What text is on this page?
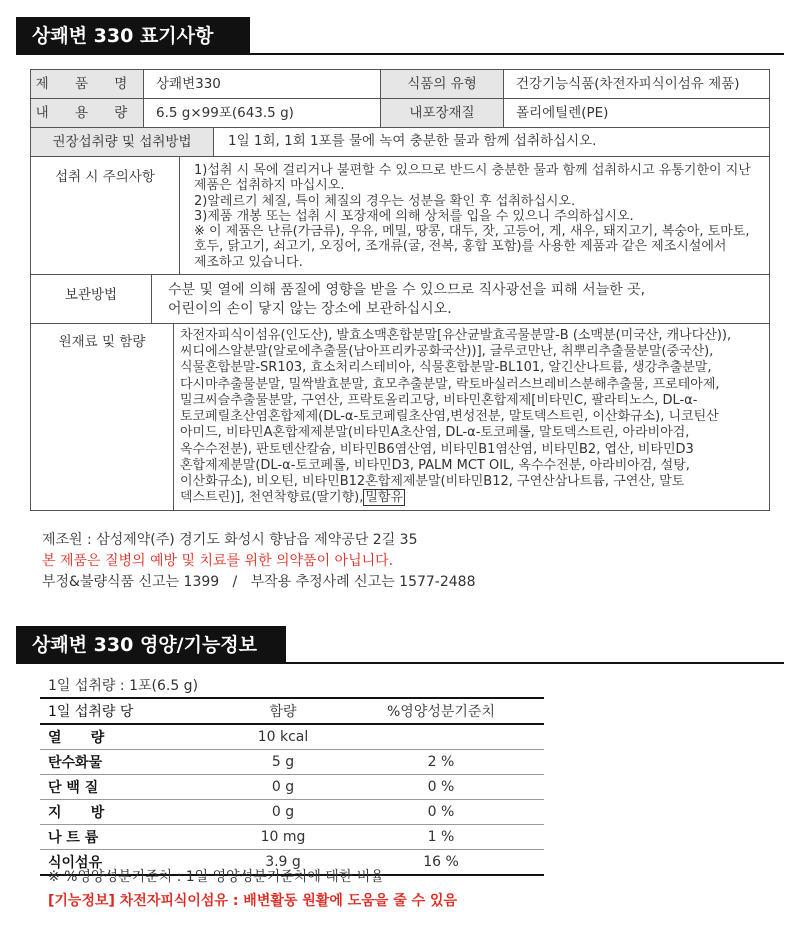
상쾌변 330 표기사항
제 품 명	상쾌변330	식품의 유형	건강기능식품(차전자피식이섬유 제품)
내 용 량	6.5 g×99포(643.5 g)	내포장재질	폴리에틸렌(PE)

권장섭취량 및 섭취방법	1일 1회, 1회 1포를 물에 녹여 충분한 물과 함께 섭취하십시오.

섭취 시 주의사항	1)섭취 시 목에 걸리거나 불편할 수 있으므로 반드시 충분한 물과 함께 섭취하시고 유통기한이 지난
제품은 섭취하지 마십시오.
2)알레르기 체질, 특이 체질의 경우는 성분을 확인 후 섭취하십시오.
3)제품 개봉 또는 섭취 시 포장재에 의해 상처를 입을 수 있으니 주의하십시오.
※ 이 제품은 난류(가금류), 우유, 메밀, 땅콩, 대두, 잣, 고등어, 게, 새우, 돼지고기, 복숭아, 토마토,
호두, 닭고기, 쇠고기, 오징어, 조개류(굴, 전복, 홍합 포함)를 사용한 제품과 같은 제조시설에서
제조하고 있습니다.

보관방법	수분 및 열에 의해 품질에 영향을 받을 수 있으므로 직사광선을 피해 서늘한 곳,
어린이의 손이 닿지 않는 장소에 보관하십시오.

원재료 및 함량	차전자피식이섬유(인도산), 발효소맥혼합분말[유산균발효곡물분말-B (소맥분(미국산, 캐나다산)),
씨디에스알분말(알로에추출물(남아프리카공화국산))], 글루코만난, 취뿌리추출물분말(중국산),
식물혼합분말-SR103, 효소처리스테비아, 식물혼합분말-BL101, 알긴산나트륨, 생강추출분말,
다시마추출물분말, 밀싹발효분말, 효모추출분말, 락토바실러스브레비스분해추출물, 프로테아제,
밀크씨슬추출물분말, 구연산, 프락토올리고당, 비타민혼합제제[비타민C, 팔라티노스, DL-α-
토코페릴초산염혼합제제(DL-α-토코페릴초산염,변성전분, 말토덱스트린, 이산화규소), 니코틴산
아미드, 비타민A혼합제제분말(비타민A초산염, DL-α-토코페롤, 말토덱스트린, 아라비아검,
옥수수전분), 판토텐산칼슘, 비타민B6염산염, 비타민B1염산염, 비타민B2, 엽산, 비타민D3
혼합제제분말(DL-α-토코페롤, 비타민D3, PALM MCT OIL, 옥수수전분, 아라비아검, 설탕,
이산화규소), 비오틴, 비타민B12혼합제제분말(비타민B12, 구연산삼나트륨, 구연산, 말토
덱스트린)], 천연착향료(딸기향), 밀함유
제조원 : 삼성제약(주) 경기도 화성시 향남읍 제약공단 2길 35
본 제품은 질병의 예방 및 치료를 위한 의약품이 아닙니다.
부정&불량식품 신고는 1399   /   부작용 추정사례 신고는 1577-2488
상쾌변 330 영양/기능정보
1일 섭취량 : 1포(6.5 g)
1일 섭취량 당	함량	%영양성분기준치
열      량	10 kcal	
탄수화물	5 g	2 %
단 백 질	0 g	0 %
지      방	0 g	0 %
나 트 륨	10 mg	1 %
식이섬유	3.9 g	16 %
※ %영양성분기준치 : 1일 영양성분기준치에 대한 비율
[기능정보] 차전자피식이섬유 : 배변활동 원활에 도움을 줄 수 있음
